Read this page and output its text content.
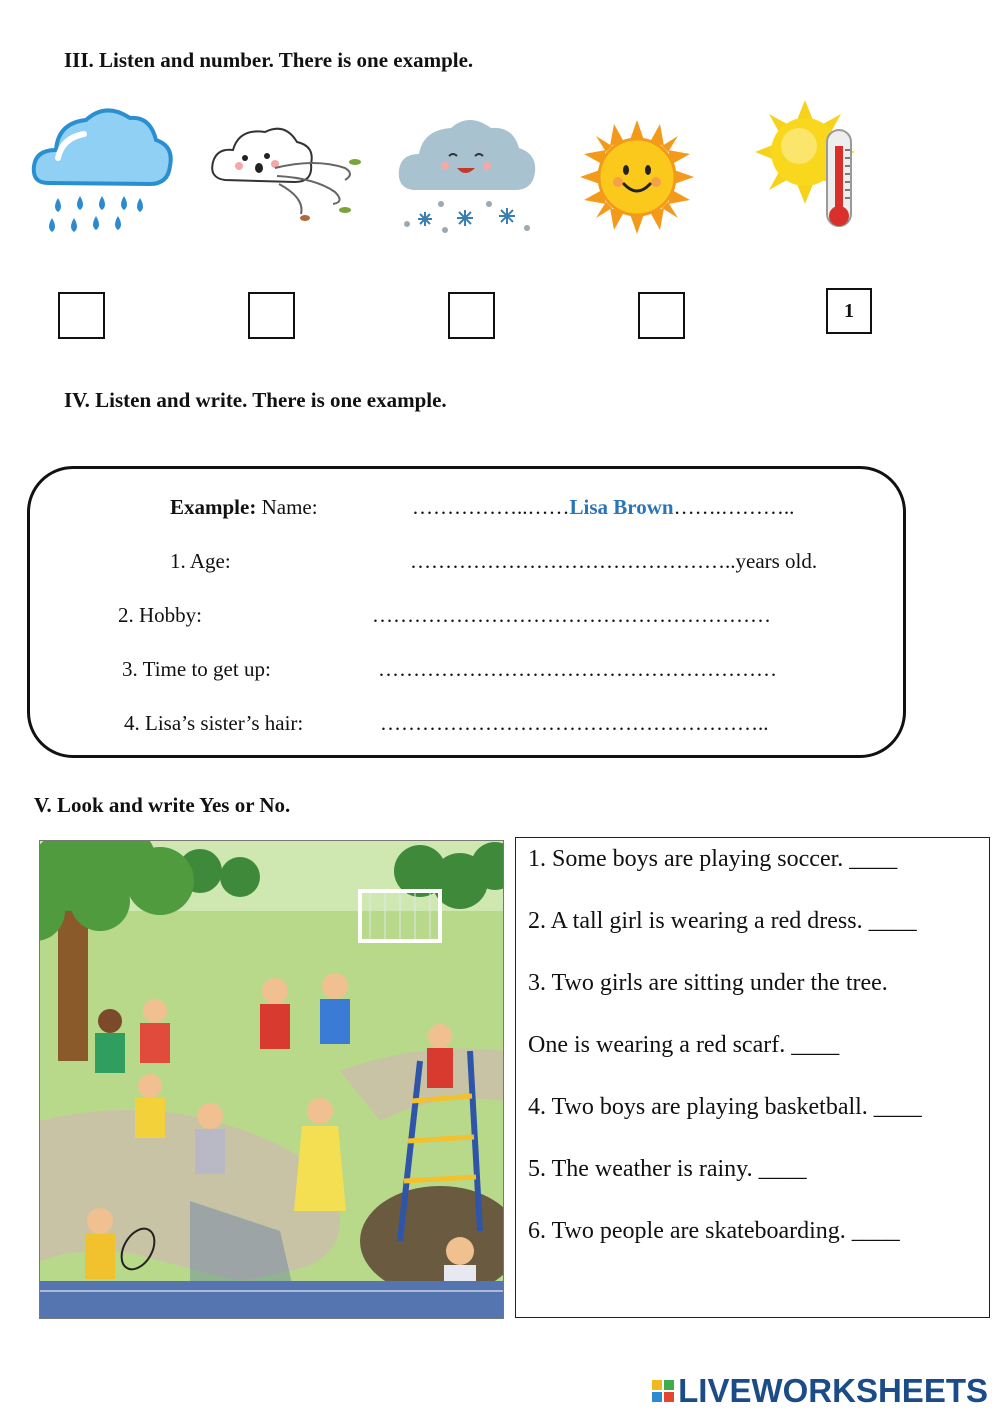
III. Listen and number. There is one example.
1
IV. Listen and write. There is one example.
Example: Name:	……………..……Lisa Brown…….………..
1. Age:	………………………………………..years old.
2. Hobby:	…………………………………………………
3. Time to get up:	…………………………………………………
4. Lisa’s sister’s hair:	………………………………………………..
V. Look and write Yes or No.
1. Some boys are playing soccer. ____
2. A tall girl is wearing a red dress. ____
3. Two girls are sitting under the tree.
One is wearing a red scarf. ____
4. Two boys are playing basketball. ____
5. The weather is rainy. ____
6. Two people are skateboarding. ____
LIVEWORKSHEETS
